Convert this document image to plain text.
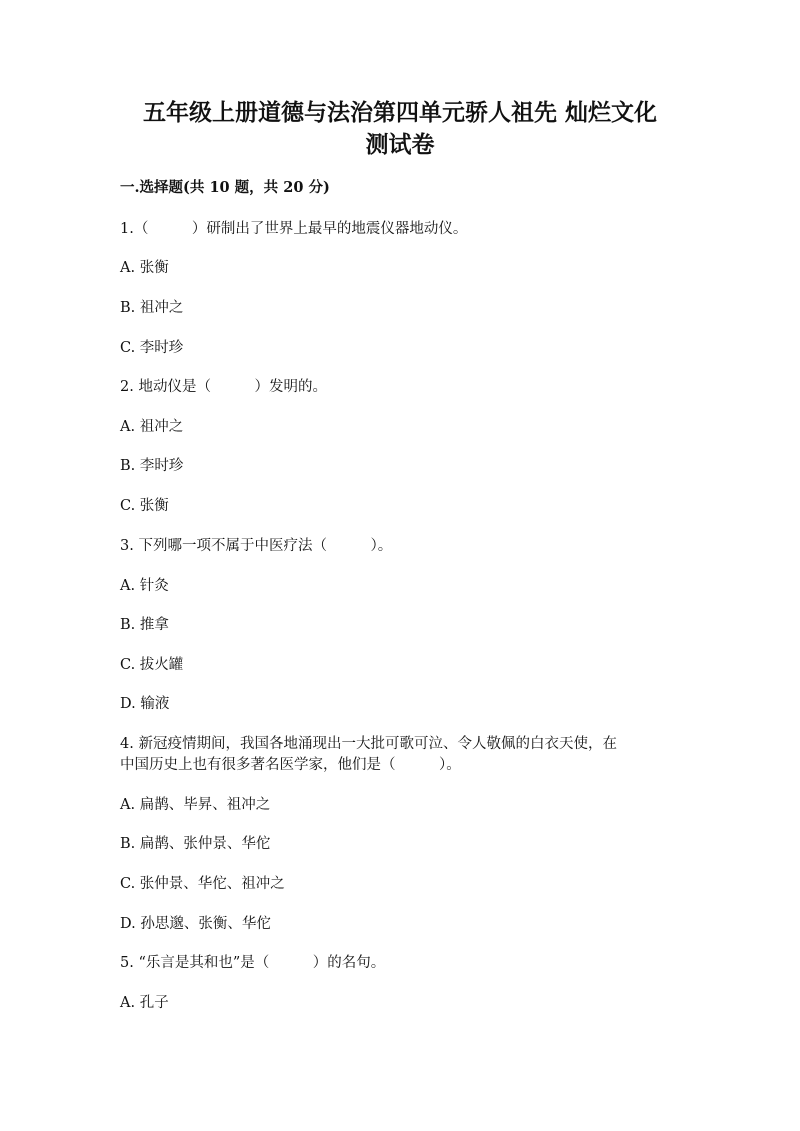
五年级上册道德与法治第四单元骄人祖先 灿烂文化
测试卷
一.选择题(共 10 题，共 20 分)

1.（　　　）研制出了世界上最早的地震仪器地动仪。

A. 张衡

B. 祖冲之

C. 李时珍

2. 地动仪是（　　　）发明的。

A. 祖冲之

B. 李时珍

C. 张衡

3. 下列哪一项不属于中医疗法（　　　）。

A. 针灸

B. 推拿

C. 拔火罐

D. 输液

4. 新冠疫情期间，我国各地涌现出一大批可歌可泣、令人敬佩的白衣天使，在

中国历史上也有很多著名医学家，他们是（　　　）。

A. 扁鹊、毕昇、祖冲之

B. 扁鹊、张仲景、华佗

C. 张仲景、华佗、祖冲之

D. 孙思邈、张衡、华佗

5. “乐言是其和也”是（　　　）的名句。

A. 孔子
